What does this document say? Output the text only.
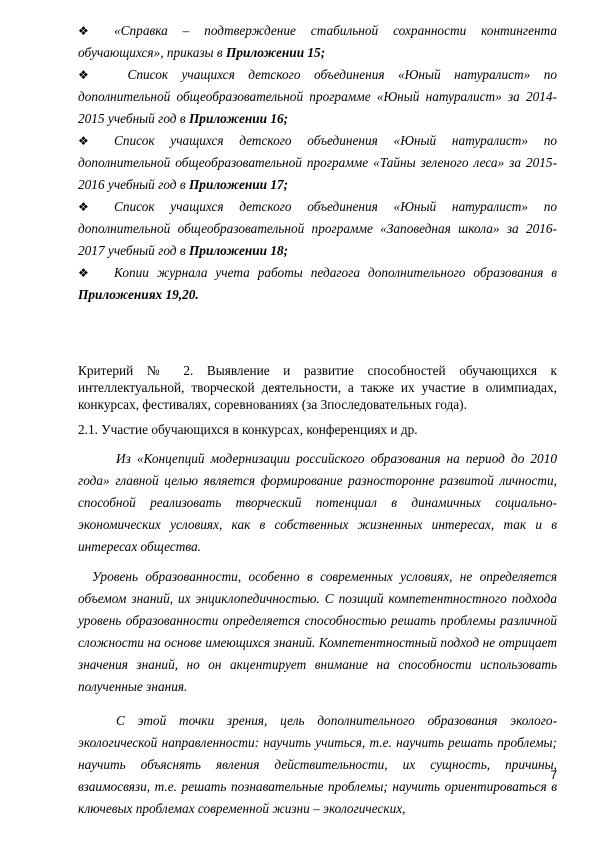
❖ «Справка – подтверждение стабильной сохранности контингента обучающихся», приказы в Приложении 15;

❖ Список учащихся детского объединения «Юный натуралист» по дополнительной общеобразовательной программе «Юный натуралист» за 2014-2015 учебный год в Приложении 16;

❖ Список учащихся детского объединения «Юный натуралист» по дополнительной общеобразовательной программе «Тайны зеленого леса» за 2015-2016 учебный год в Приложении 17;

❖ Список учащихся детского объединения «Юный натуралист» по дополнительной общеобразовательной программе «Заповедная школа» за 2016-2017 учебный год в Приложении 18;

❖ Копии журнала учета работы педагога дополнительного образования в Приложениях 19,20.

Критерий № 2. Выявление и развитие способностей обучающихся к интеллектуальной, творческой деятельности, а также их участие в олимпиадах, конкурсах, фестивалях, соревнованиях (за 3последовательных года).
2.1. Участие обучающихся в конкурсах, конференциях и др.

Из «Концепций модернизации российского образования на период до 2010 года» главной целью является формирование разносторонне развитой личности, способной реализовать творческий потенциал в динамичных социально-экономических условиях, как в собственных жизненных интересах, так и в интересах общества.

Уровень образованности, особенно в современных условиях, не определяется объемом знаний, их энциклопедичностью. С позиций компетентностного подхода уровень образованности определяется способностью решать проблемы различной сложности на основе имеющихся знаний. Компетентностный подход не отрицает значения знаний, но он акцентирует внимание на способности использовать полученные знания.

С этой точки зрения, цель дополнительного образования эколого-экологической направленности: научить учиться, т.е. научить решать проблемы; научить объяснять явления действительности, их сущность, причины, взаимосвязи, т.е. решать познавательные проблемы; научить ориентироваться в ключевых проблемах современной жизни – экологических,

7
